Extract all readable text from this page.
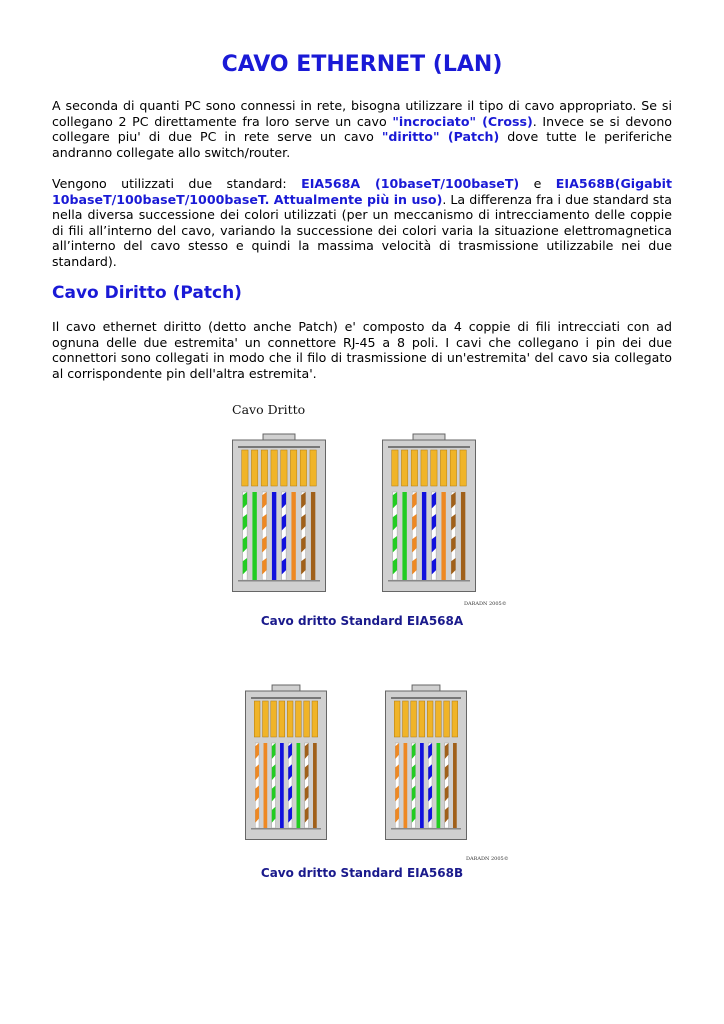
CAVO ETHERNET (LAN)

A seconda di quanti PC sono connessi in rete, bisogna utilizzare il tipo di cavo appropriato. Se si collegano 2 PC direttamente fra loro serve un cavo "incrociato" (Cross). Invece se si devono collegare piu' di due PC in rete serve un cavo "diritto" (Patch) dove tutte le periferiche andranno collegate allo switch/router.

Vengono utilizzati due standard: EIA568A (10baseT/100baseT) e EIA568B(Gigabit 10baseT/100baseT/1000baseT. Attualmente più in uso). La differenza fra i due standard sta nella diversa successione dei colori utilizzati (per un meccanismo di intrecciamento delle coppie di fili all’interno del cavo, variando la successione dei colori varia la situazione elettromagnetica all’interno del cavo stesso e quindi la massima velocità di trasmissione utilizzabile nei due standard).

Cavo Diritto (Patch)

Il cavo ethernet diritto (detto anche Patch) e' composto da 4 coppie di fili intrecciati con ad ognuna delle due estremita' un connettore RJ-45 a 8 poli. I cavi che collegano i pin dei due connettori sono collegati in modo che il filo di trasmissione di un'estremita' del cavo sia collegato al corrispondente pin dell'altra estremita'.

Cavo Dritto
DARADN 2005©
Cavo dritto Standard EIA568A
DARADN 2005©
Cavo dritto Standard EIA568B
